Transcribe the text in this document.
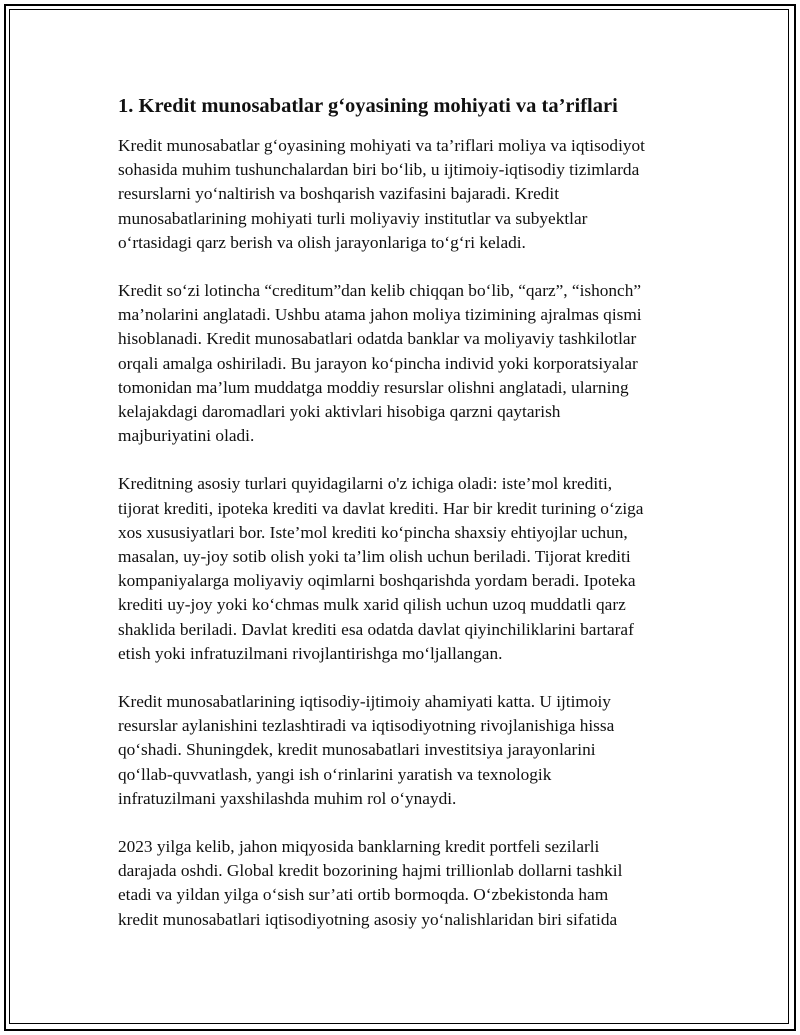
1. Kredit munosabatlar g‘oyasining mohiyati va ta’riflari

Kredit munosabatlar g‘oyasining mohiyati va ta’riflari moliya va iqtisodiyot
sohasida muhim tushunchalardan biri bo‘lib, u ijtimoiy-iqtisodiy tizimlarda
resurslarni yo‘naltirish va boshqarish vazifasini bajaradi. Kredit
munosabatlarining mohiyati turli moliyaviy institutlar va subyektlar
o‘rtasidagi qarz berish va olish jarayonlariga to‘g‘ri keladi.

Kredit so‘zi lotincha “creditum”dan kelib chiqqan bo‘lib, “qarz”, “ishonch”
ma’nolarini anglatadi. Ushbu atama jahon moliya tizimining ajralmas qismi
hisoblanadi. Kredit munosabatlari odatda banklar va moliyaviy tashkilotlar
orqali amalga oshiriladi. Bu jarayon ko‘pincha individ yoki korporatsiyalar
tomonidan ma’lum muddatga moddiy resurslar olishni anglatadi, ularning
kelajakdagi daromadlari yoki aktivlari hisobiga qarzni qaytarish
majburiyatini oladi.

Kreditning asosiy turlari quyidagilarni o'z ichiga oladi: iste’mol krediti,
tijorat krediti, ipoteka krediti va davlat krediti. Har bir kredit turining o‘ziga
xos xususiyatlari bor. Iste’mol krediti ko‘pincha shaxsiy ehtiyojlar uchun,
masalan, uy-joy sotib olish yoki ta’lim olish uchun beriladi. Tijorat krediti
kompaniyalarga moliyaviy oqimlarni boshqarishda yordam beradi. Ipoteka
krediti uy-joy yoki ko‘chmas mulk xarid qilish uchun uzoq muddatli qarz
shaklida beriladi. Davlat krediti esa odatda davlat qiyinchiliklarini bartaraf
etish yoki infratuzilmani rivojlantirishga mo‘ljallangan.

Kredit munosabatlarining iqtisodiy-ijtimoiy ahamiyati katta. U ijtimoiy
resurslar aylanishini tezlashtiradi va iqtisodiyotning rivojlanishiga hissa
qo‘shadi. Shuningdek, kredit munosabatlari investitsiya jarayonlarini
qo‘llab-quvvatlash, yangi ish o‘rinlarini yaratish va texnologik
infratuzilmani yaxshilashda muhim rol o‘ynaydi.

2023 yilga kelib, jahon miqyosida banklarning kredit portfeli sezilarli
darajada oshdi. Global kredit bozorining hajmi trillionlab dollarni tashkil
etadi va yildan yilga o‘sish sur’ati ortib bormoqda. O‘zbekistonda ham
kredit munosabatlari iqtisodiyotning asosiy yo‘nalishlaridan biri sifatida
